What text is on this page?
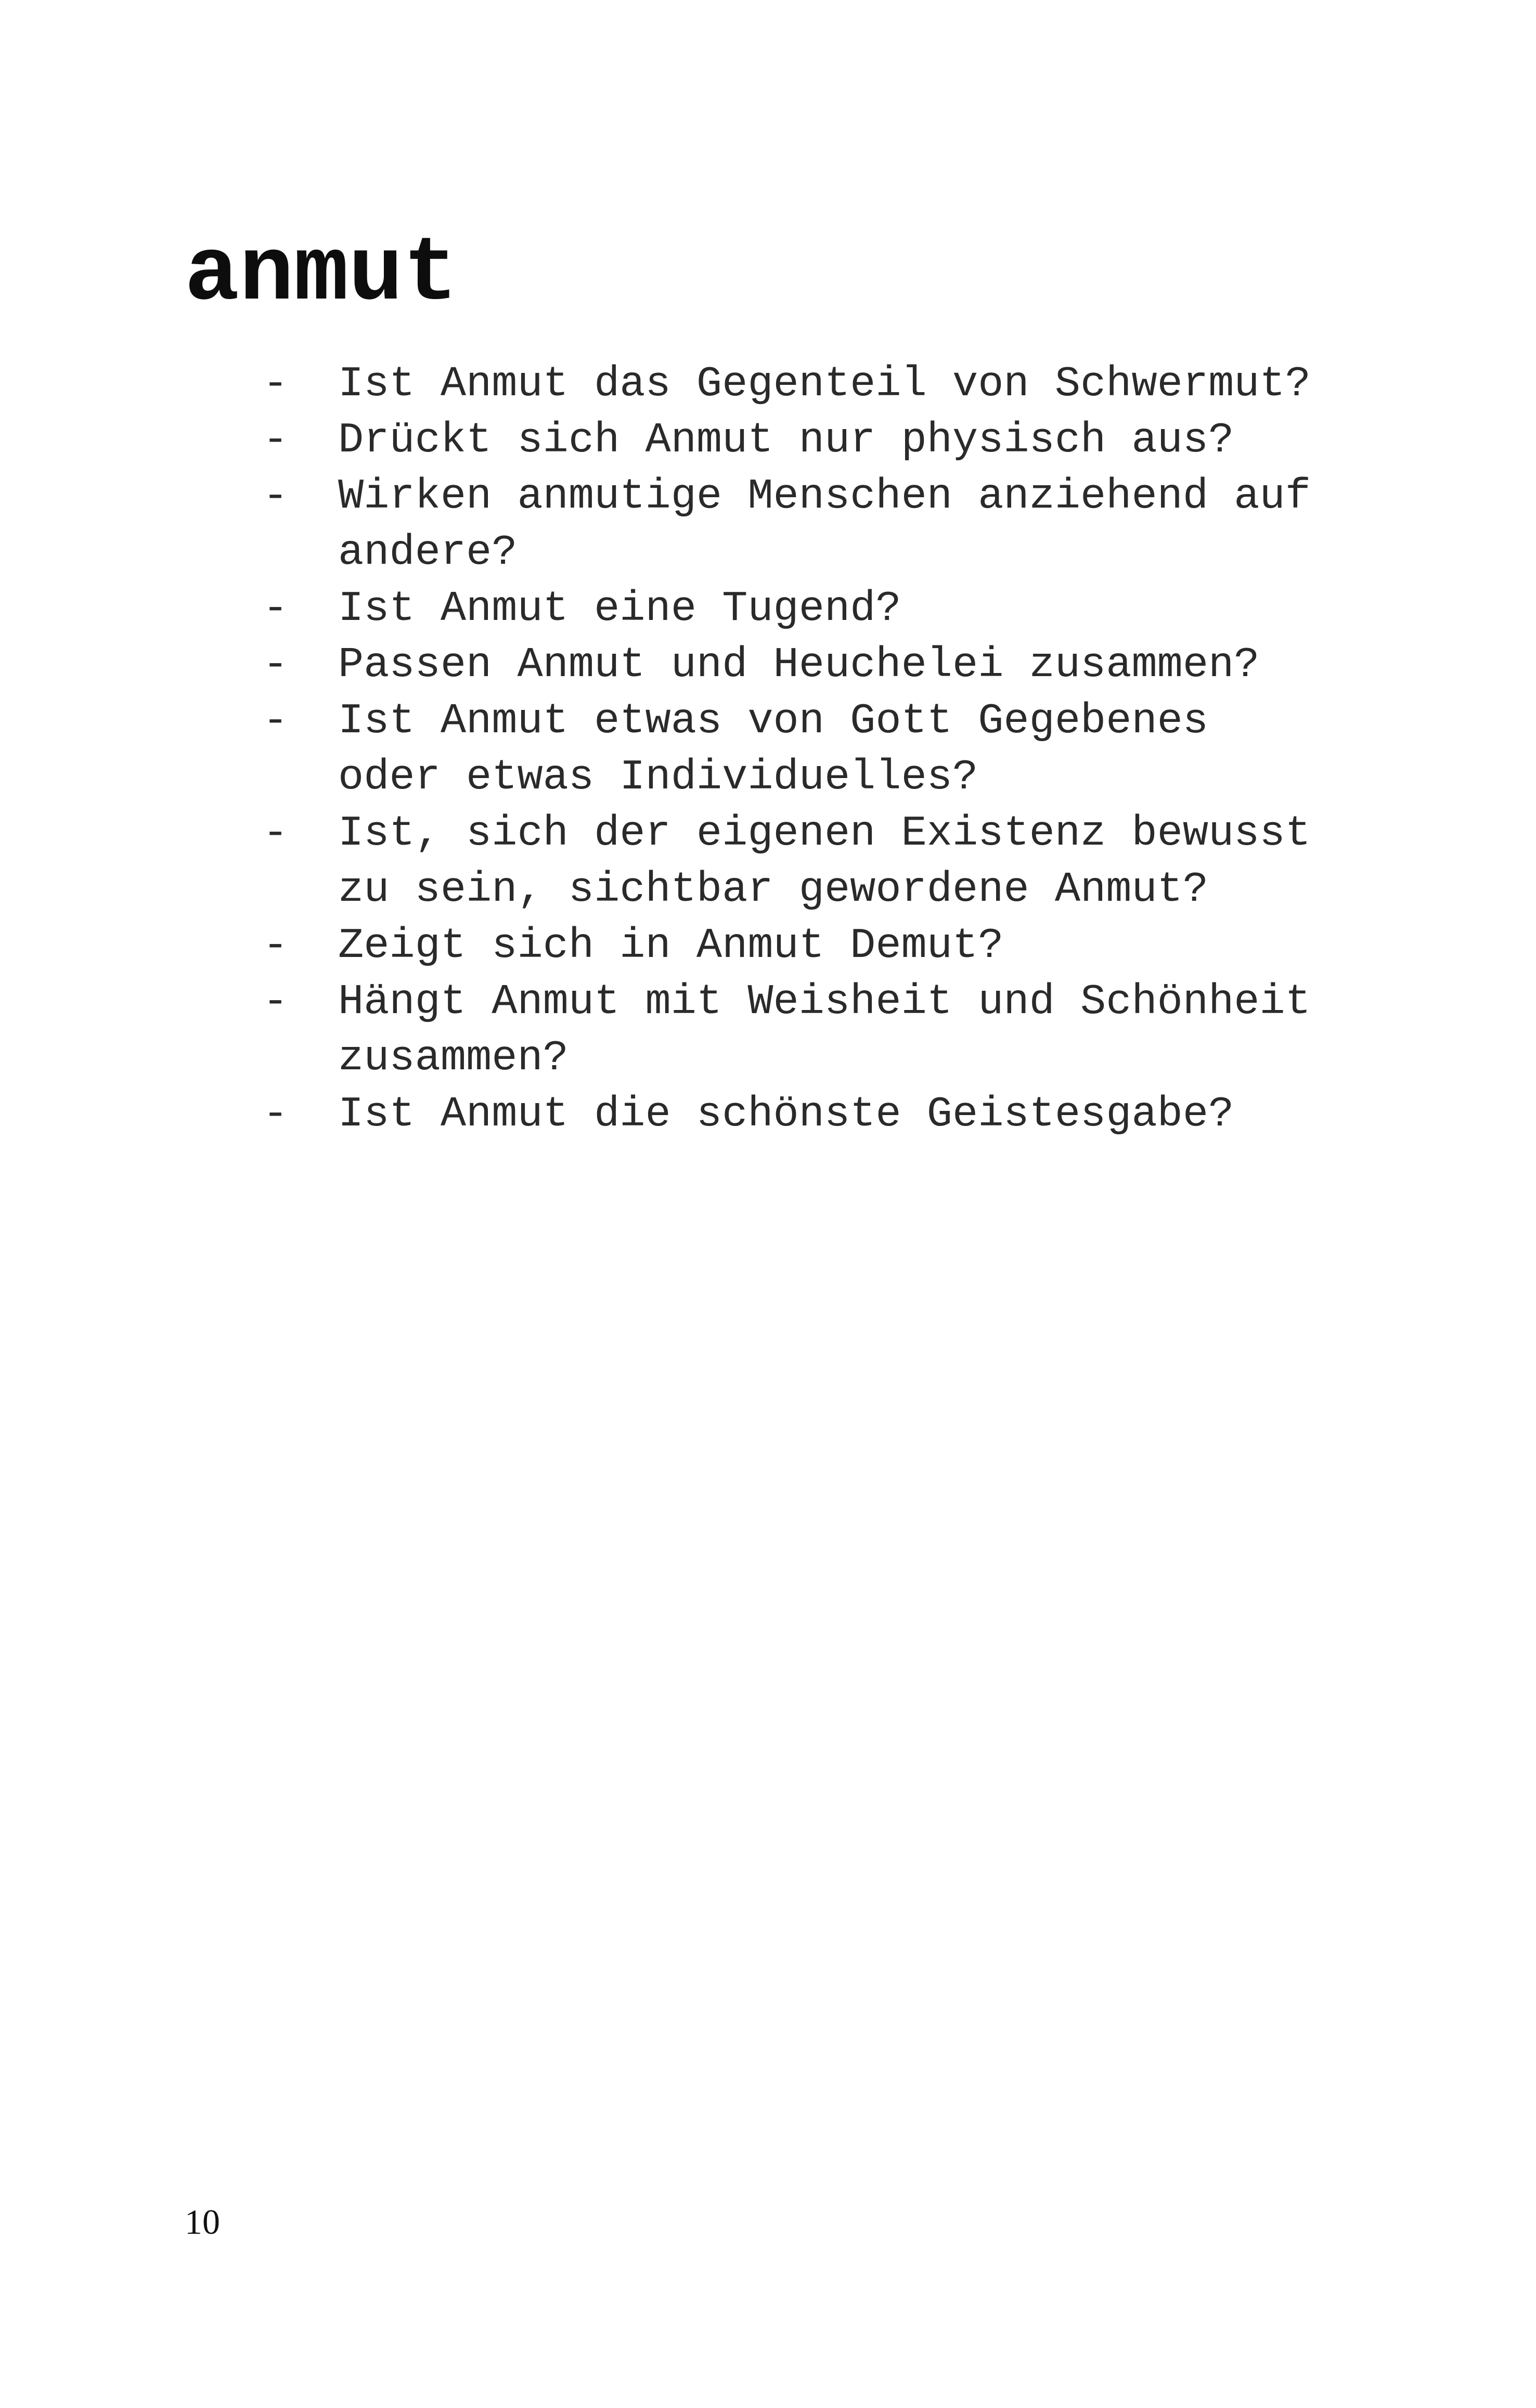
anmut
- Ist Anmut das Gegenteil von Schwermut?
- Drückt sich Anmut nur physisch aus?
- Wirken anmutige Menschen anziehend auf
andere?
- Ist Anmut eine Tugend?
- Passen Anmut und Heuchelei zusammen?
- Ist Anmut etwas von Gott Gegebenes
oder etwas Individuelles?
- Ist, sich der eigenen Existenz bewusst
zu sein, sichtbar gewordene Anmut?
- Zeigt sich in Anmut Demut?
- Hängt Anmut mit Weisheit und Schönheit
zusammen?
- Ist Anmut die schönste Geistesgabe?
10
